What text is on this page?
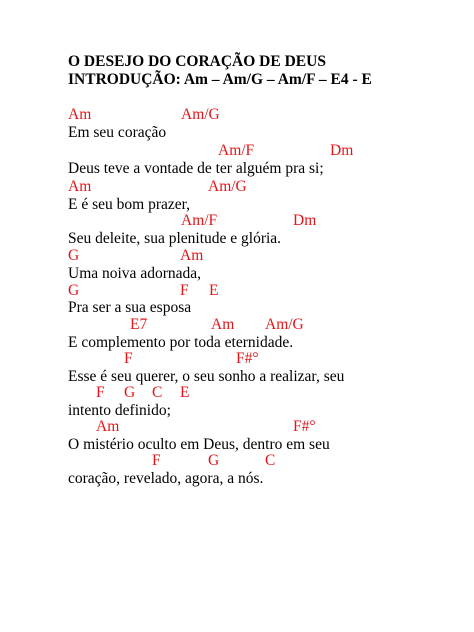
O DESEJO DO CORAÇÃO DE DEUS
INTRODUÇÃO: Am – Am/G – Am/F – E4 - E
Am	Am/G
Em seu coração
Am/F	Dm
Deus teve a vontade de ter alguém pra si;
Am	Am/G
E é seu bom prazer,
Am/F	Dm
Seu deleite, sua plenitude e glória.
G	Am
Uma noiva adornada,
G	F E
Pra ser a sua esposa
E7	Am Am/G
E complemento por toda eternidade.
F	F#°
Esse é seu querer, o seu sonho a realizar, seu
F G C E
intento definido;
Am	F#°
O mistério oculto em Deus, dentro em seu
F	G	C
coração, revelado, agora, a nós.
